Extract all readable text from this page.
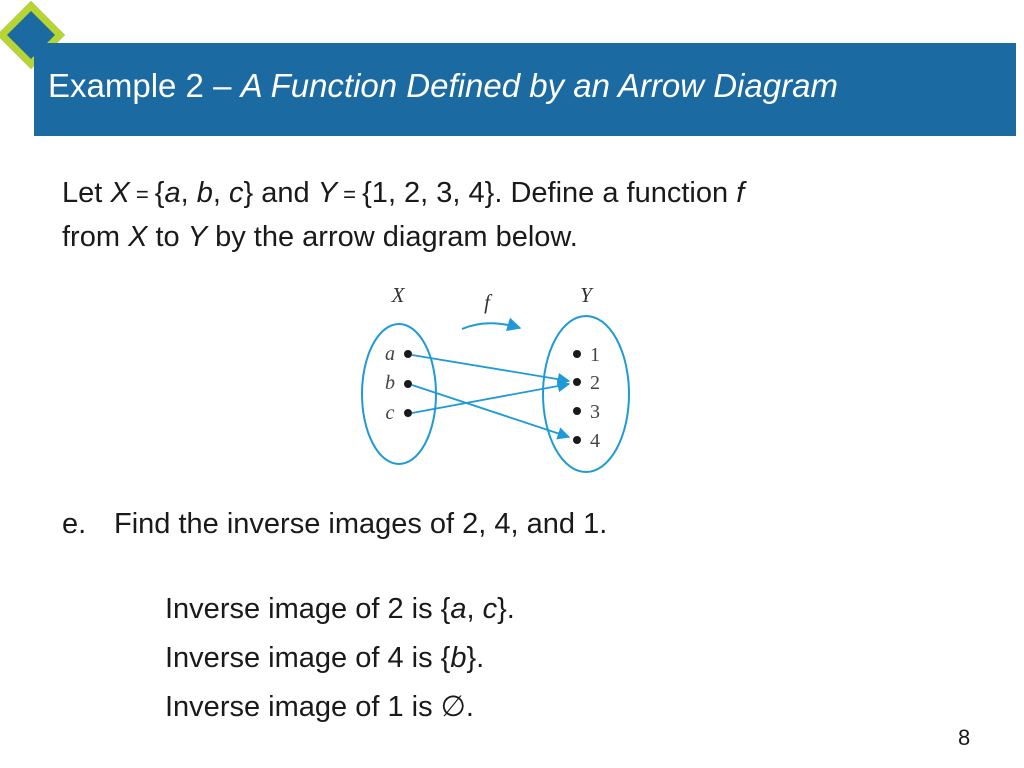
Example 2 – A Function Defined by an Arrow Diagram
Let X = {a, b, c} and Y = {1, 2, 3, 4}. Define a function f
from X to Y by the arrow diagram below.
X	f	Y
a
b
c
1
2
3
4
e. Find the inverse images of 2, 4, and 1.
Inverse image of 2 is {a, c}.
Inverse image of 4 is {b}.
Inverse image of 1 is ∅.
8
